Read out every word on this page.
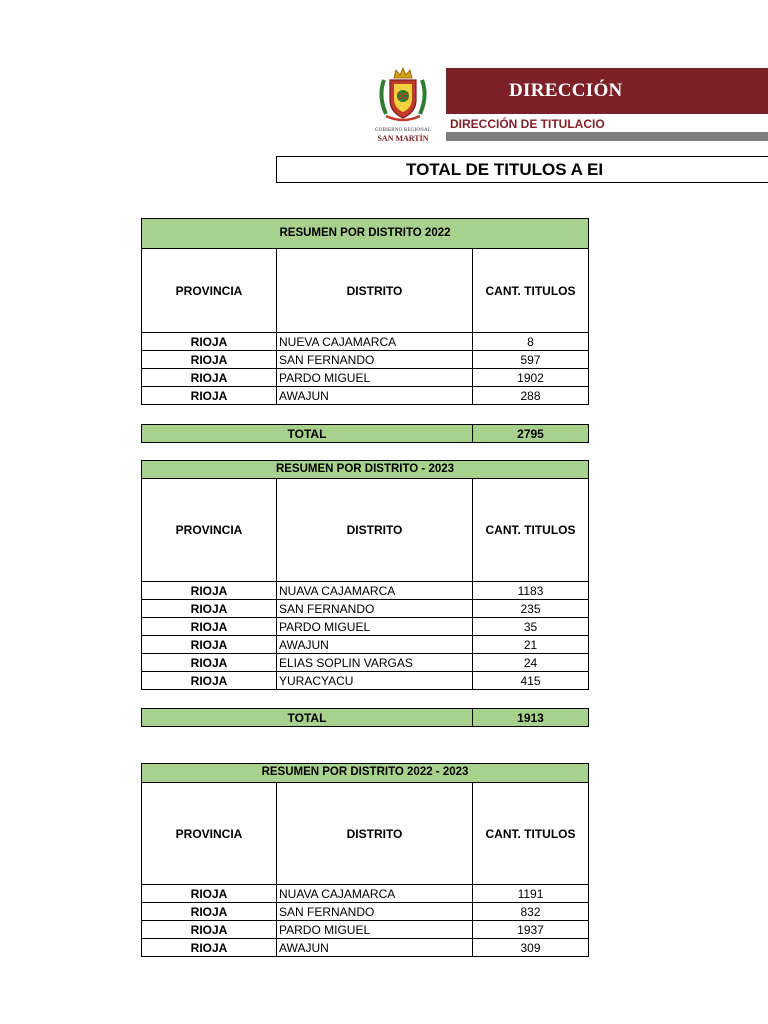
GOBIERNO REGIONAL
SAN MARTÍN
DIRECCIÓN
DIRECCIÓN DE TITULACIO
TOTAL DE TITULOS A EI
RESUMEN POR DISTRITO 2022		
PROVINCIA	DISTRITO	CANT. TITULOS
RIOJA	NUEVA CAJAMARCA	8
RIOJA	SAN FERNANDO	597
RIOJA	PARDO MIGUEL	1902
RIOJA	AWAJUN	288
TOTAL	2795
RESUMEN POR DISTRITO - 2023		
PROVINCIA	DISTRITO	CANT. TITULOS
RIOJA	NUAVA CAJAMARCA	1183
RIOJA	SAN FERNANDO	235
RIOJA	PARDO MIGUEL	35
RIOJA	AWAJUN	21
RIOJA	ELIAS SOPLIN VARGAS	24
RIOJA	YURACYACU	415
TOTAL	1913
RESUMEN POR DISTRITO 2022 - 2023		
PROVINCIA	DISTRITO	CANT. TITULOS
RIOJA	NUAVA CAJAMARCA	1191
RIOJA	SAN FERNANDO	832
RIOJA	PARDO MIGUEL	1937
RIOJA	AWAJUN	309
